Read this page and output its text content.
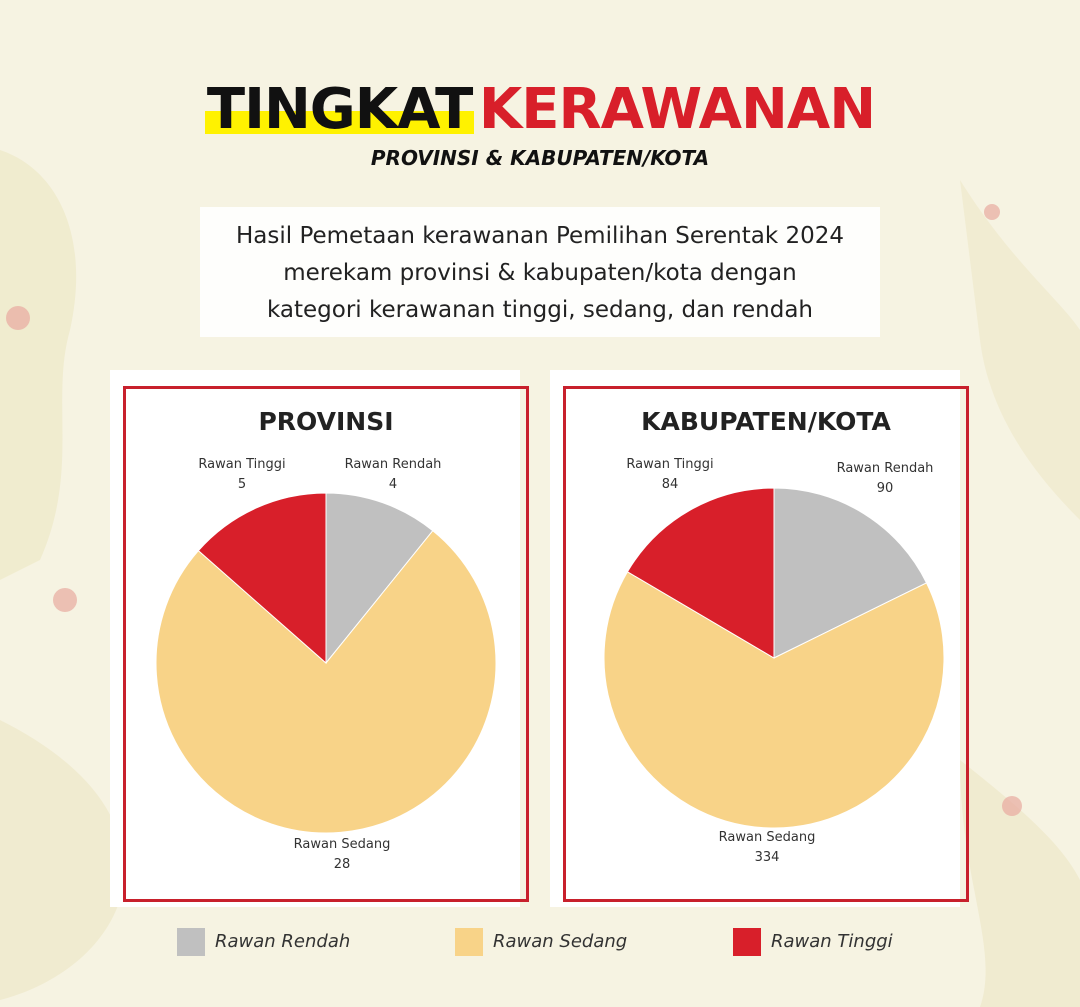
TINGKAT KERAWANAN
PROVINSI & KABUPATEN/KOTA
Hasil Pemetaan kerawanan Pemilihan Serentak 2024
merekam provinsi & kabupaten/kota dengan
kategori kerawanan tinggi, sedang, dan rendah
PROVINSI	KABUPATEN/KOTA
Rawan Rendah
4
Rawan Sedang
28
Rawan Tinggi
5
Rawan Rendah
90
Rawan Sedang
334
Rawan Tinggi
84
Rawan Rendah	Rawan Sedang	Rawan Tinggi
